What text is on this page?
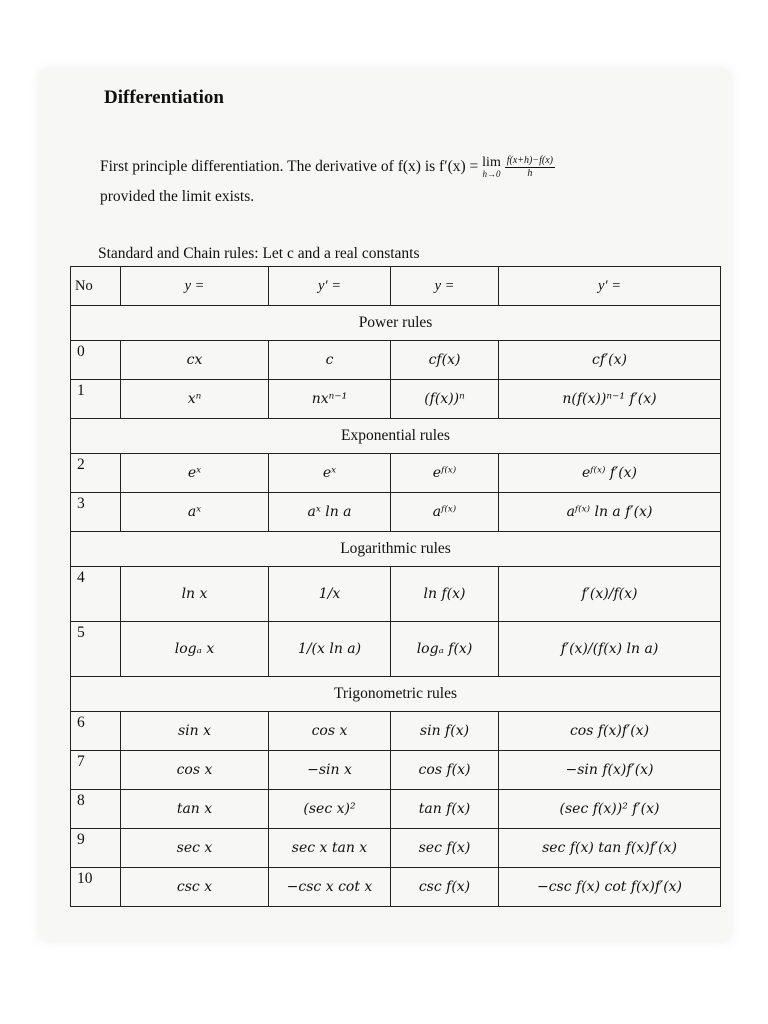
Differentiation
First principle differentiation. The derivative of f(x) is f′(x) = lim
h→0
$\frac{f(x+h)-f(x)}{h}$

provided the limit exists.
Standard and Chain rules: Let c and a real constants
No	y =	y′ =	y =	y′ =
Power rules				
0	cx	c	cf(x)	cf′(x)
1	xⁿ	nxⁿ⁻¹	(f(x))ⁿ	n(f(x))ⁿ⁻¹ f′(x)
Exponential rules				
2	eˣ	eˣ	eᶠ⁽ˣ⁾	eᶠ⁽ˣ⁾ f′(x)
3	aˣ	aˣ ln a	aᶠ⁽ˣ⁾	aᶠ⁽ˣ⁾ ln a f′(x)
Logarithmic rules				
4	ln x	1/x	ln f(x)	f′(x)/f(x)
5	logₐ x	1/(x ln a)	logₐ f(x)	f′(x)/(f(x) ln a)
Trigonometric rules				
6	sin x	cos x	sin f(x)	cos f(x)f′(x)
7	cos x	−sin x	cos f(x)	−sin f(x)f′(x)
8	tan x	(sec x)²	tan f(x)	(sec f(x))² f′(x)
9	sec x	sec x tan x	sec f(x)	sec f(x) tan f(x)f′(x)
10	csc x	−csc x cot x	csc f(x)	−csc f(x) cot f(x)f′(x)
